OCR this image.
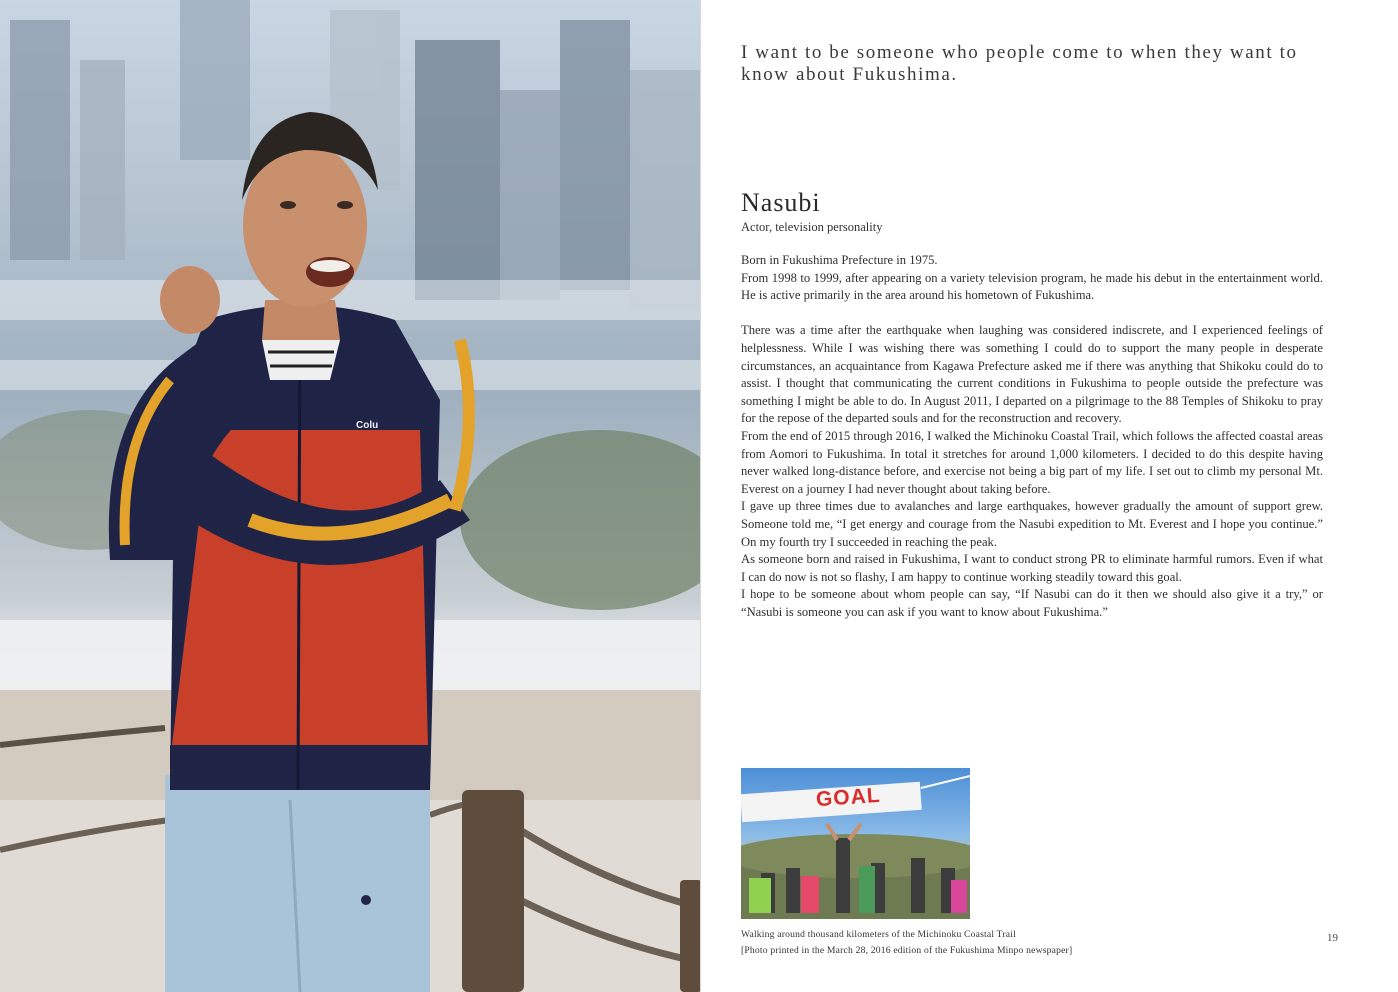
Colu
I want to be someone who people come to when they want to know about Fukushima.
Nasubi
Actor, television personality

Born in Fukushima Prefecture in 1975.

From 1998 to 1999, after appearing on a variety television program, he made his debut in the entertainment world. He is active primarily in the area around his hometown of Fukushima.

There was a time after the earthquake when laughing was considered indiscrete, and I experienced feelings of helplessness. While I was wishing there was something I could do to support the many people in desperate circumstances, an acquaintance from Kagawa Prefecture asked me if there was anything that Shikoku could do to assist. I thought that communicating the current conditions in Fukushima to people outside the prefecture was something I might be able to do. In August 2011, I departed on a pilgrimage to the 88 Temples of Shikoku to pray for the repose of the departed souls and for the reconstruction and recovery.

From the end of 2015 through 2016, I walked the Michinoku Coastal Trail, which follows the affected coastal areas from Aomori to Fukushima. In total it stretches for around 1,000 kilometers. I decided to do this despite having never walked long-distance before, and exercise not being a big part of my life. I set out to climb my personal Mt. Everest on a journey I had never thought about taking before.

I gave up three times due to avalanches and large earthquakes, however gradually the amount of support grew. Someone told me, “I get energy and courage from the Nasubi expedition to Mt. Everest and I hope you continue.” On my fourth try I succeeded in reaching the peak.

As someone born and raised in Fukushima, I want to conduct strong PR to eliminate harmful rumors. Even if what I can do now is not so flashy, I am happy to continue working steadily toward this goal.

I hope to be someone about whom people can say, “If Nasubi can do it then we should also give it a try,” or “Nasubi is someone you can ask if you want to know about Fukushima.”

GOAL

Walking around thousand kilometers of the Michinoku Coastal Trail

[Photo printed in the March 28, 2016 edition of the Fukushima Minpo newspaper]

19
